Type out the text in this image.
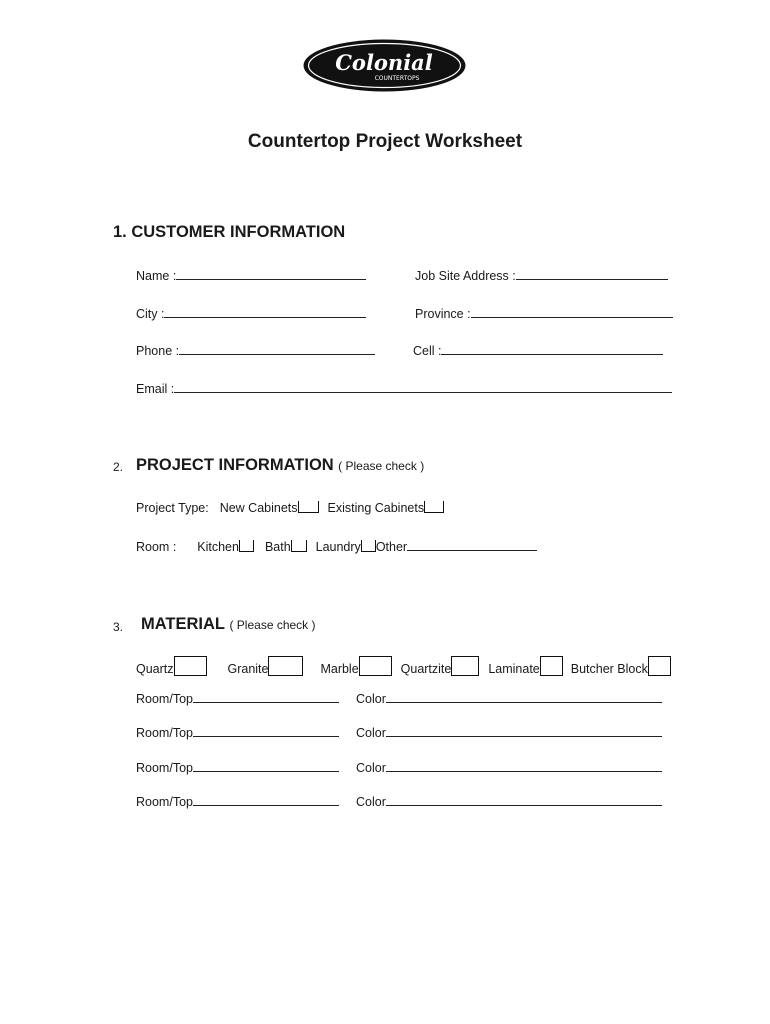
Colonial
COUNTERTOPS
Countertop Project Worksheet
1. CUSTOMER INFORMATION
Name :	Job Site Address :
City :	Province :
Phone :	Cell :
Email :
2. PROJECT INFORMATION ( Please check )
Project Type: New Cabinets Existing Cabinets
Room : Kitchen Bath Laundry Other
3. MATERIAL ( Please check )
Quartz	Granite	Marble	Quartzite	Laminate Butcher Block
Room/Top	Color
Room/Top	Color
Room/Top	Color
Room/Top	Color
